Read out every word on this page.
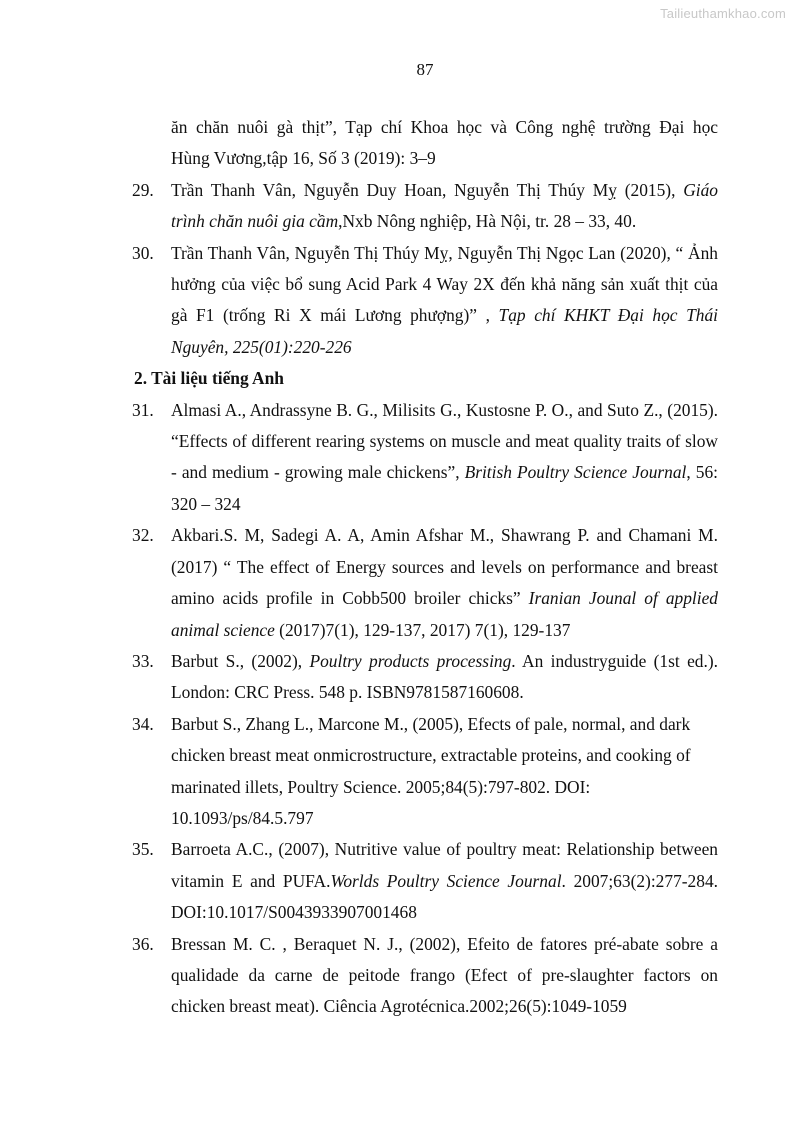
Tailieuthamkhao.com
87
ăn chăn nuôi gà thịt”, Tạp chí Khoa học và Công nghệ trường Đại học
Hùng Vương,tập 16, Số 3 (2019): 3–9
29. Trần Thanh Vân, Nguyễn Duy Hoan, Nguyễn Thị Thúy Mỵ (2015), Giáo trình chăn nuôi gia cầm,Nxb Nông nghiệp, Hà Nội, tr. 28 – 33, 40.
30. Trần Thanh Vân, Nguyễn Thị Thúy Mỵ, Nguyễn Thị Ngọc Lan (2020), “ Ảnh hưởng của việc bổ sung Acid Park 4 Way 2X đến khả năng sản xuất thịt của gà F1 (trống Ri X mái Lương phượng)” , Tạp chí KHKT Đại học Thái Nguyên, 225(01):220-226
2. Tài liệu tiếng Anh
31. Almasi A., Andrassyne B. G., Milisits G., Kustosne P. O., and Suto Z., (2015). “Effects of different rearing systems on muscle and meat quality traits of slow - and medium - growing male chickens”, British Poultry Science Journal, 56: 320 – 324
32. Akbari.S. M, Sadegi A. A, Amin Afshar M., Shawrang P. and Chamani M. (2017) “ The effect of Energy sources and levels on performance and breast amino acids profile in Cobb500 broiler chicks” Iranian Jounal of applied animal science (2017)7(1), 129-137, 2017) 7(1), 129-137
33. Barbut S., (2002), Poultry products processing. An industryguide (1st ed.). London: CRC Press. 548 p. ISBN9781587160608.
34. Barbut S., Zhang L., Marcone M., (2005), Efects of pale, normal, and dark chicken breast meat onmicrostructure, extractable proteins, and cooking of marinated illets, Poultry Science. 2005;84(5):797-802. DOI: 10.1093/ps/84.5.797
35. Barroeta A.C., (2007), Nutritive value of poultry meat: Relationship between vitamin E and PUFA.Worlds Poultry Science Journal. 2007;63(2):277-284. DOI:10.1017/S0043933907001468
36. Bressan M. C. , Beraquet N. J., (2002), Efeito de fatores pré-abate sobre a qualidade da carne de peitode frango (Efect of pre-slaughter factors on chicken breast meat). Ciência Agrotécnica.2002;26(5):1049-1059
